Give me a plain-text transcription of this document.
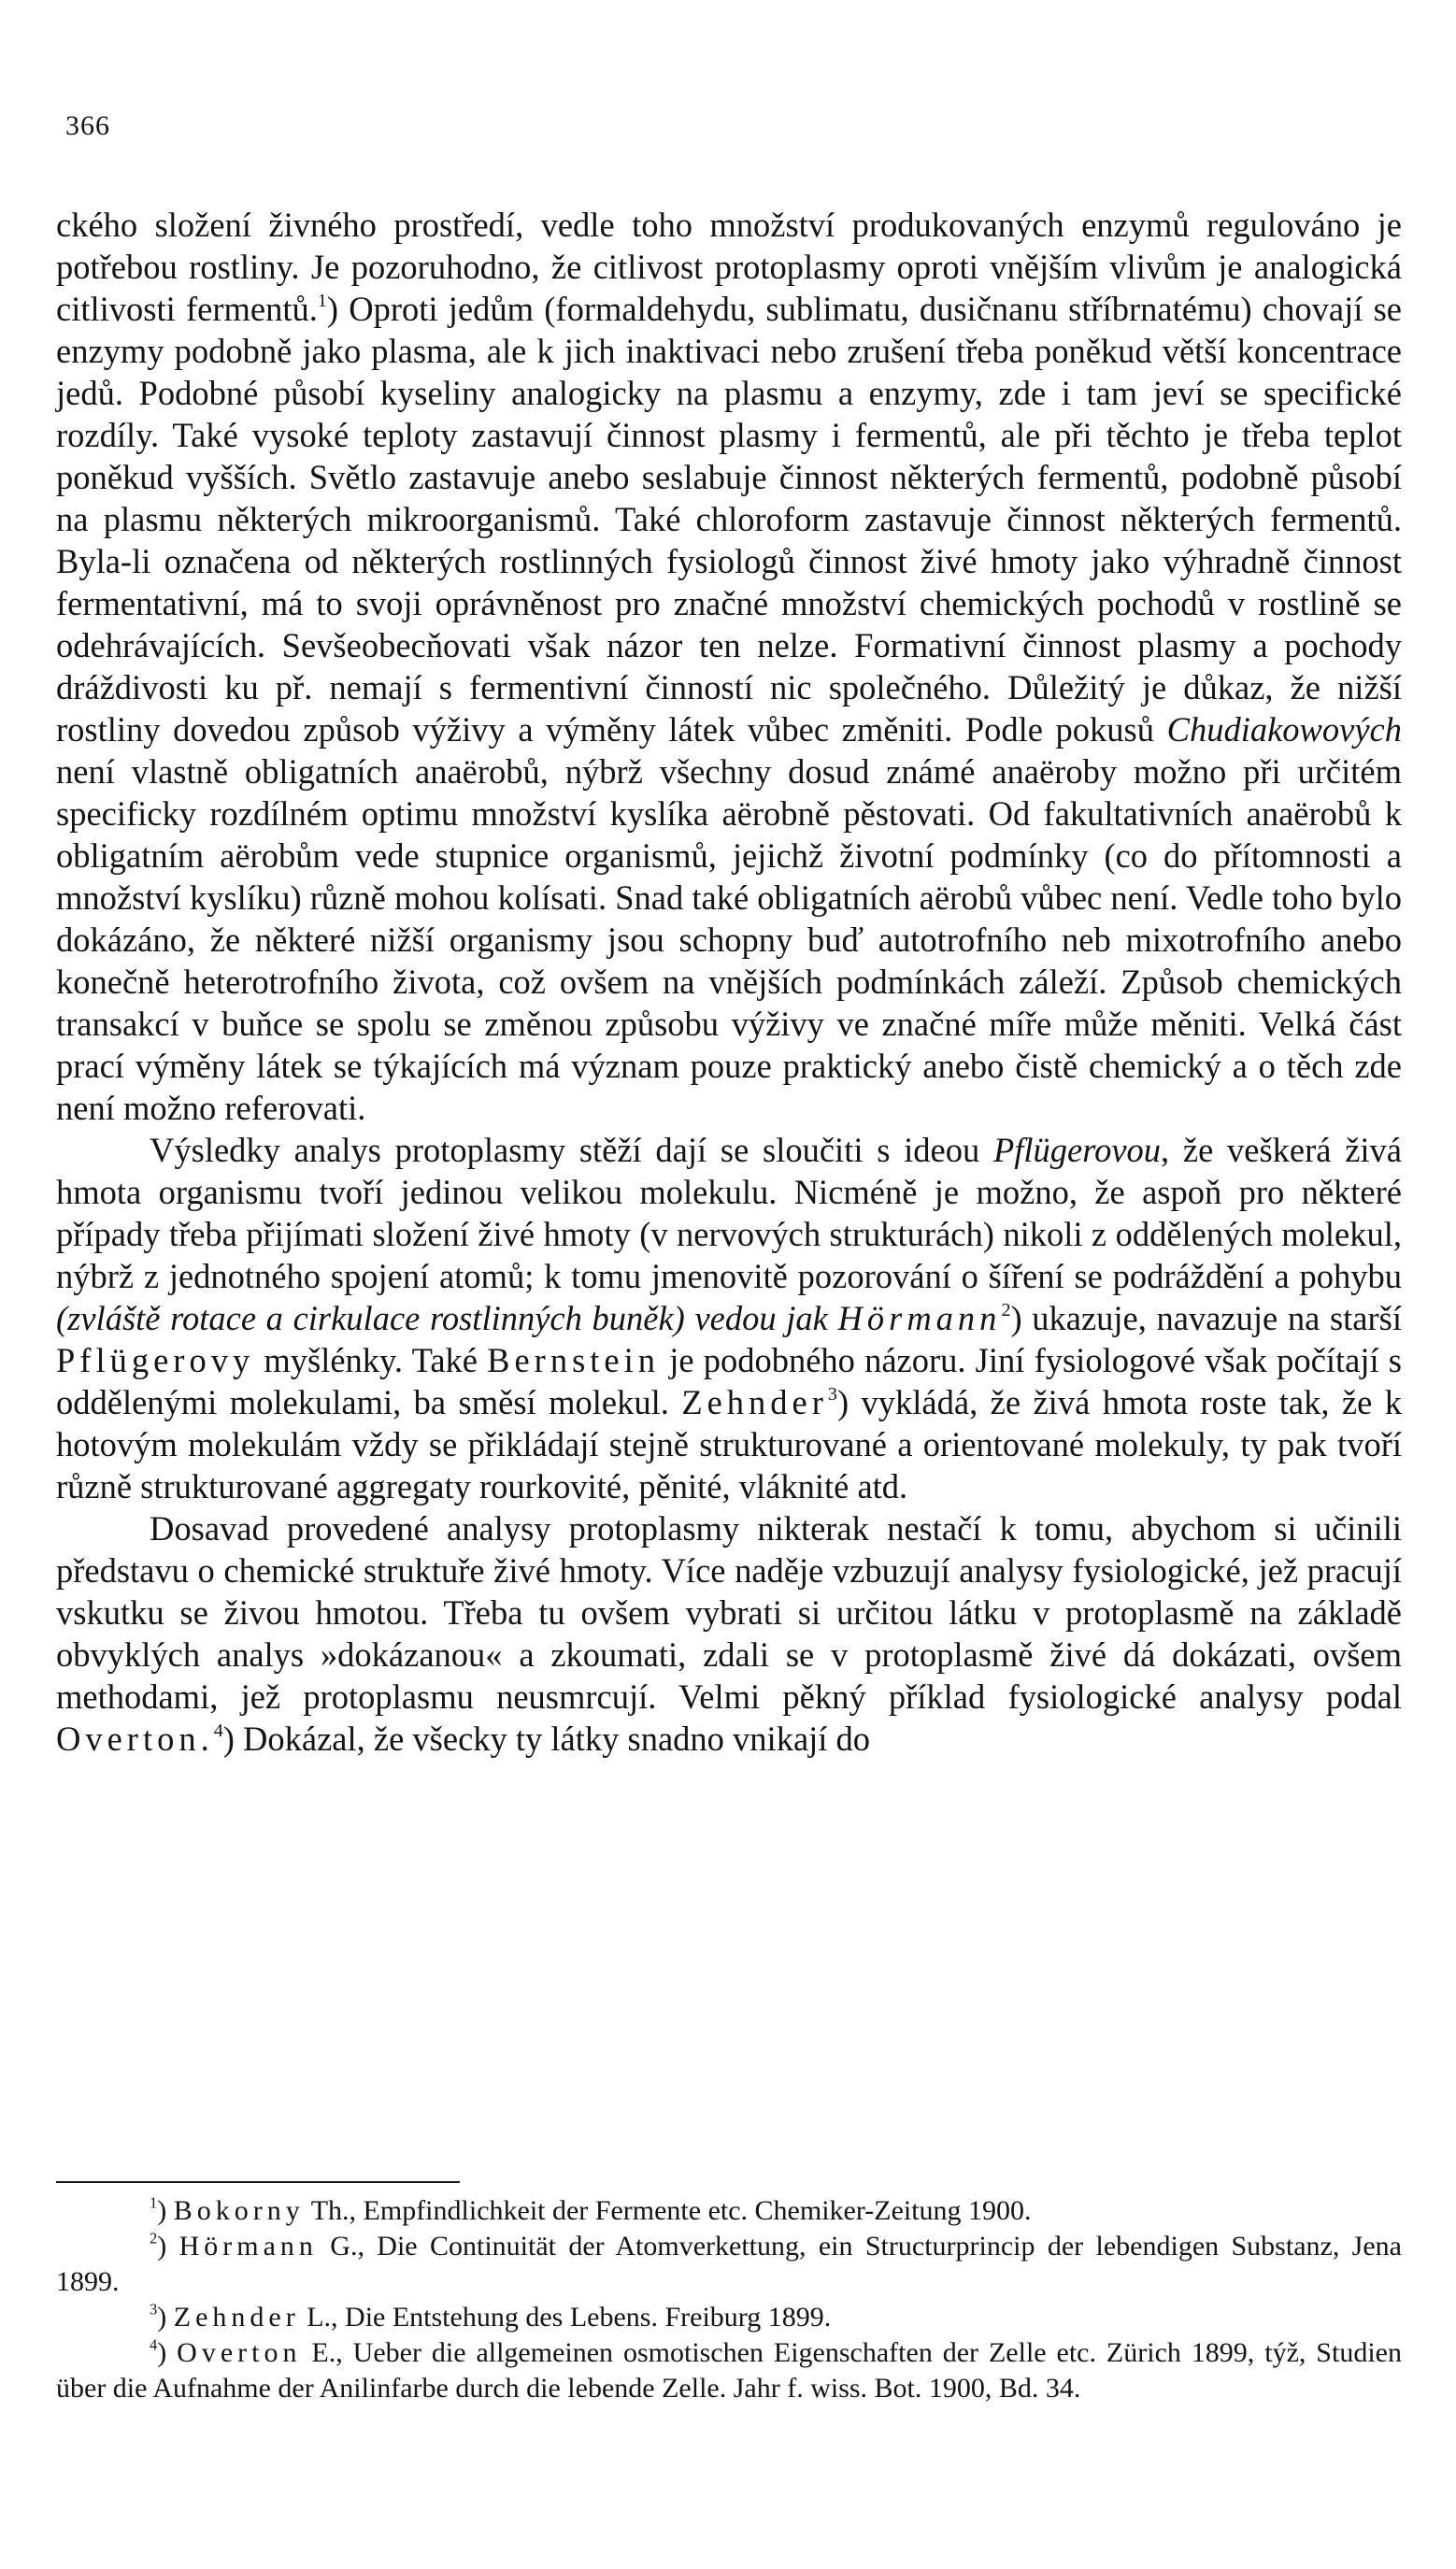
366

ckého složení živného prostředí, vedle toho množství produkovaných enzymů regulováno je potřebou rostliny. Je pozoruhodno, že citlivost protoplasmy oproti vnějším vlivům je analogická citlivosti fermentů.$^1$) Oproti jedům (formaldehydu, sublimatu, dusičnanu stříbrnatému) chovají se enzymy podobně jako plasma, ale k jich inaktivaci nebo zrušení třeba poněkud větší koncentrace jedů. Podobné působí kyseliny analogicky na plasmu a enzymy, zde i tam jeví se specifické rozdíly. Také vysoké teploty zastavují činnost plasmy i fermentů, ale při těchto je třeba teplot poněkud vyšších. Světlo zastavuje anebo seslabuje činnost některých fermentů, podobně působí na plasmu některých mikroorganismů. Také chloroform zastavuje činnost některých fermentů. Byla-li označena od některých rostlinných fysiologů činnost živé hmoty jako výhradně činnost fermentativní, má to svoji oprávněnost pro značné množství chemických pochodů v rostlině se odehrávajících. Sevšeobecňovati však názor ten nelze. Formativní činnost plasmy a pochody dráždivosti ku př. nemají s fermentivní činností nic společného. Důležitý je důkaz, že nižší rostliny dovedou způsob výživy a výměny látek vůbec změniti. Podle pokusů Chudiakowových není vlastně obligatních anaërobů, nýbrž všechny dosud známé anaëroby možno při určitém specificky rozdílném optimu množství kyslíka aërobně pěstovati. Od fakultativních anaërobů k obligatním aërobům vede stupnice organismů, jejichž životní podmínky (co do přítomnosti a množství kyslíku) různě mohou kolísati. Snad také obligatních aërobů vůbec není. Vedle toho bylo dokázáno, že některé nižší organismy jsou schopny buď autotrofního neb mixotrofního anebo konečně heterotrofního života, což ovšem na vnějších podmínkách záleží. Způsob chemických transakcí v buňce se spolu se změnou způsobu výživy ve značné míře může měniti. Velká část prací výměny látek se týkajících má význam pouze praktický anebo čistě chemický a o těch zde není možno referovati.

Výsledky analys protoplasmy stěží dají se sloučiti s ideou Pflügerovou, že veškerá živá hmota organismu tvoří jedinou velikou molekulu. Nicméně je možno, že aspoň pro některé případy třeba přijímati složení živé hmoty (v nervových strukturách) nikoli z oddělených molekul, nýbrž z jednotného spojení atomů; k tomu jmenovitě pozorování o šíření se podráždění a pohybu (zvláště rotace a cirkulace rostlinných buněk) vedou jak Hörmann$^2$) ukazuje, navazuje na starší Pflügerovy myšlénky. Také Bernstein je podobného názoru. Jiní fysiologové však počítají s oddělenými molekulami, ba směsí molekul. Zehnder$^3$) vykládá, že živá hmota roste tak, že k hotovým molekulám vždy se přikládají stejně strukturované a orientované molekuly, ty pak tvoří různě strukturované aggregaty rourkovité, pěnité, vláknité atd.

Dosavad provedené analysy protoplasmy nikterak nestačí k tomu, abychom si učinili představu o chemické struktuře živé hmoty. Více naděje vzbuzují analysy fysiologické, jež pracují vskutku se živou hmotou. Třeba tu ovšem vybrati si určitou látku v protoplasmě na základě obvyklých analys »dokázanou« a zkoumati, zdali se v protoplasmě živé dá dokázati, ovšem methodami, jež protoplasmu neusmrcují. Velmi pěkný příklad fysiologické analysy podal Overton.$^4$) Dokázal, že všecky ty látky snadno vnikají do

$^1$) Bokorny Th., Empfindlichkeit der Fermente etc. Chemiker-Zeitung 1900.

$^2$) Hörmann G., Die Continuität der Atomverkettung, ein Structurprincip der lebendigen Substanz, Jena 1899.

$^3$) Zehnder L., Die Entstehung des Lebens. Freiburg 1899.

$^4$) Overton E., Ueber die allgemeinen osmotischen Eigenschaften der Zelle etc. Zürich 1899, týž, Studien über die Aufnahme der Anilinfarbe durch die lebende Zelle. Jahr f. wiss. Bot. 1900, Bd. 34.
